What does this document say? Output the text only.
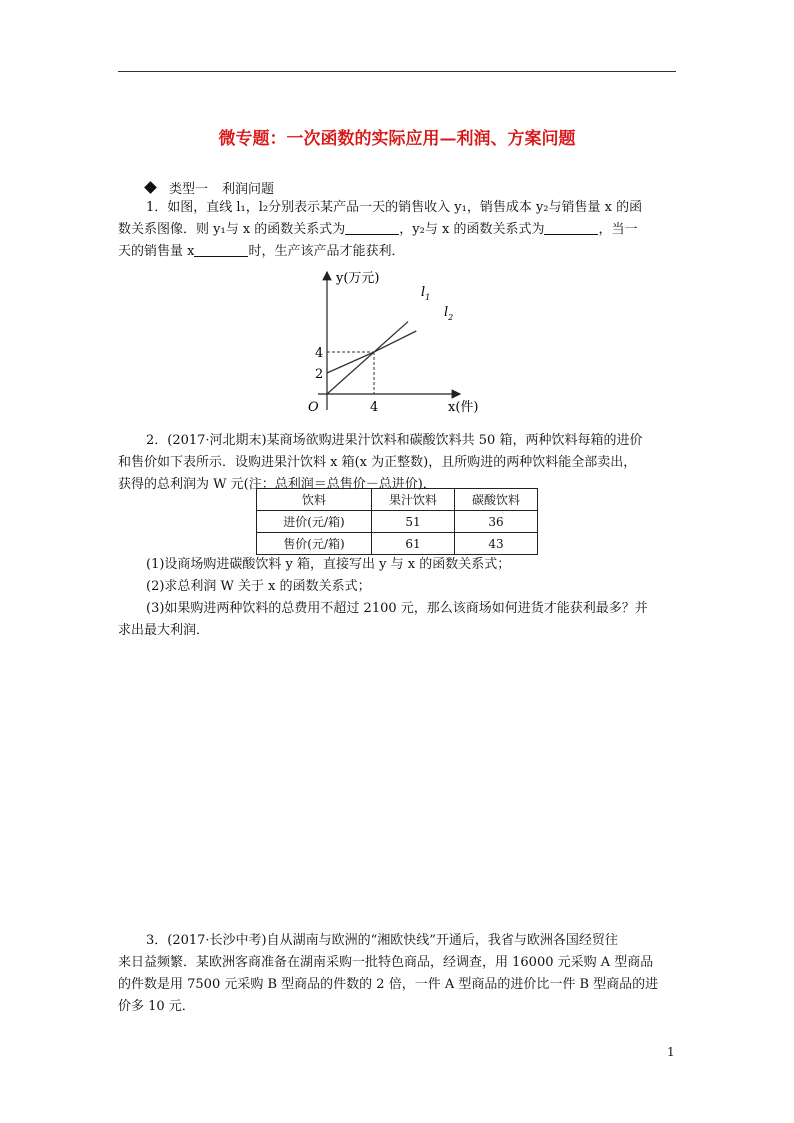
微专题：一次函数的实际应用—利润、方案问题
类型一 利润问题
1．如图，直线 l₁，l₂分别表示某产品一天的销售收入 y₁，销售成本 y₂与销售量 x 的函
数关系图像．则 y₁与 x 的函数关系式为	，y₂与 x 的函数关系式为	，当一
天的销售量 x	时，生产该产品才能获利．
y(万元)
x(件)
O
4
2
4
$l_1$
$l_2$
2．(2017·河北期末)某商场欲购进果汁饮料和碳酸饮料共 50 箱，两种饮料每箱的进价
和售价如下表所示．设购进果汁饮料 x 箱(x 为正整数)，且所购进的两种饮料能全部卖出，
获得的总利润为 W 元(注：总利润＝总售价－总进价)．
饮料	果汁饮料	碳酸饮料
进价(元/箱)	51	36
售价(元/箱)	61	43
(1)设商场购进碳酸饮料 y 箱，直接写出 y 与 x 的函数关系式；
(2)求总利润 W 关于 x 的函数关系式；
(3)如果购进两种饮料的总费用不超过 2100 元，那么该商场如何进货才能获利最多？并
求出最大利润．
3．(2017·长沙中考)自从湖南与欧洲的“湘欧快线”开通后，我省与欧洲各国经贸往
来日益频繁．某欧洲客商准备在湖南采购一批特色商品，经调查，用 16000 元采购 A 型商品
的件数是用 7500 元采购 B 型商品的件数的 2 倍，一件 A 型商品的进价比一件 B 型商品的进
价多 10 元．
1
